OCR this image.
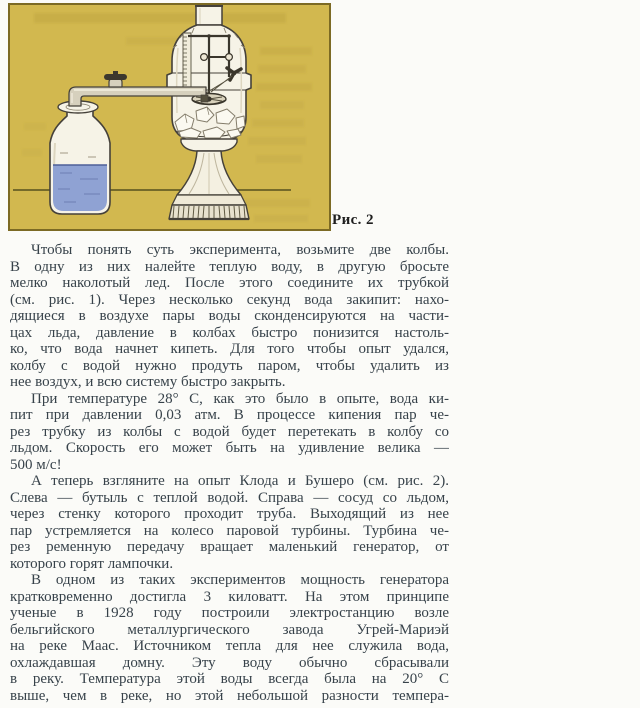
Рис. 2
Чтобы понять суть эксперимента, возьмите две колбы.
В одну из них налейте теплую воду, в другую бросьте
мелко наколотый лед. После этого соедините их трубкой
(см. рис. 1). Через несколько секунд вода закипит: нахо-
дящиеся в воздухе пары воды сконденсируются на части-
цах льда, давление в колбах быстро понизится настоль-
ко, что вода начнет кипеть. Для того чтобы опыт удался,
колбу с водой нужно продуть паром, чтобы удалить из
нее воздух, и всю систему быстро закрыть.
При температуре 28° С, как это было в опыте, вода ки-
пит при давлении 0,03 атм. В процессе кипения пар че-
рез трубку из колбы с водой будет перетекать в колбу со
льдом. Скорость его может быть на удивление велика —
500 м/с!
А теперь взгляните на опыт Клода и Бушеро (см. рис. 2).
Слева — бутыль с теплой водой. Справа — сосуд со льдом,
через стенку которого проходит труба. Выходящий из нее
пар устремляется на колесо паровой турбины. Турбина че-
рез ременную передачу вращает маленький генератор, от
которого горят лампочки.
В одном из таких экспериментов мощность генератора
кратковременно достигла 3 киловатт. На этом принципе
ученые в 1928 году построили электростанцию возле
бельгийского металлургического завода Угрей-Мариэй
на реке Маас. Источником тепла для нее служила вода,
охлаждавшая домну. Эту воду обычно сбрасывали
в реку. Температура этой воды всегда была на 20° С
выше, чем в реке, но этой небольшой разности темпера-
